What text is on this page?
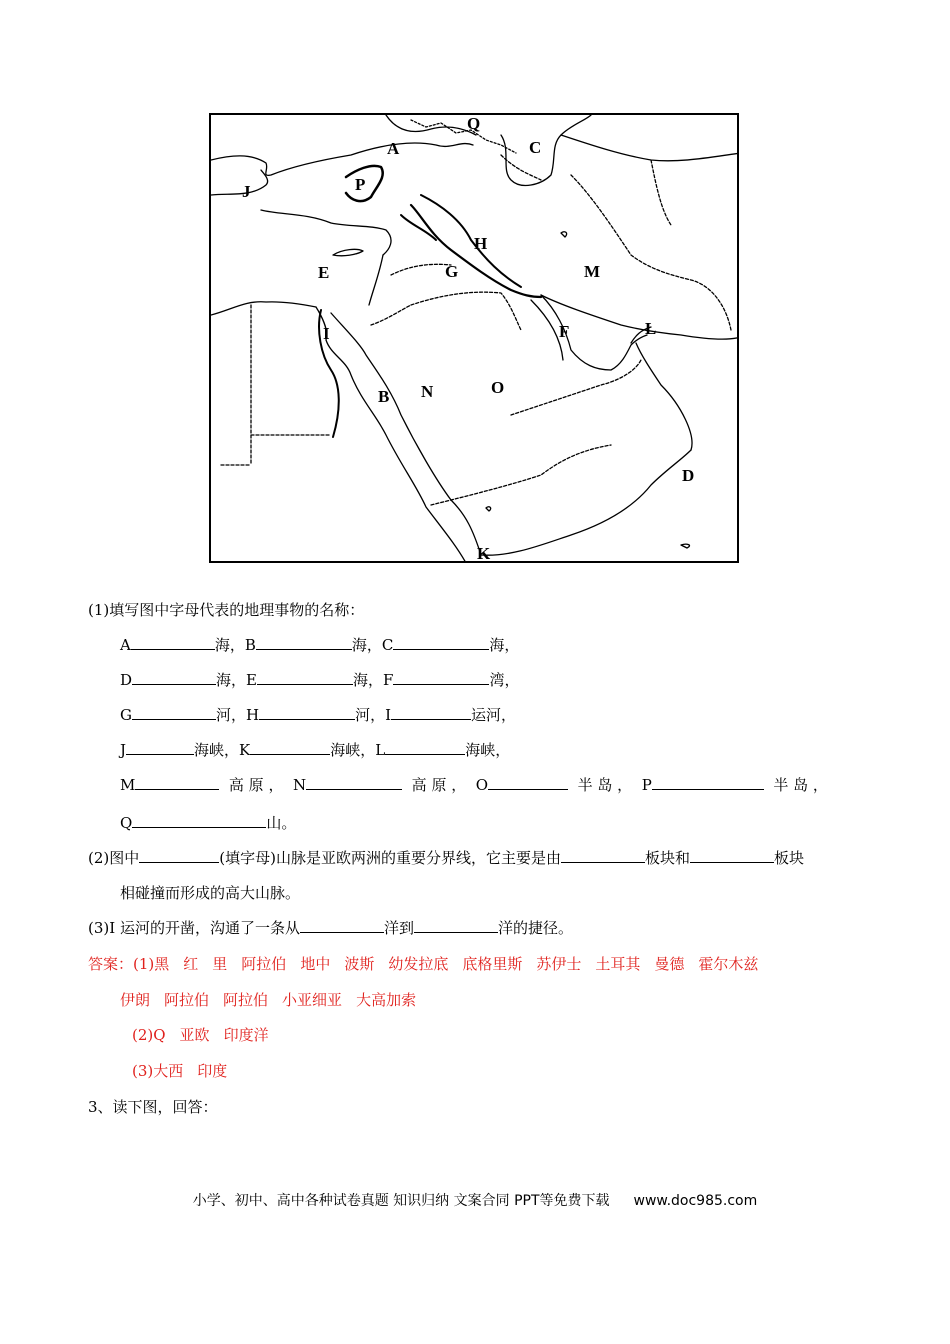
A
B
C
D
E
F
G
H
I
J
K
L
M
N	O
P
Q
(1)填写图中字母代表的地理事物的名称：
A	海，B	海，C	海，
D	海，E	海，F	湾，
G	河，H	河，I	运河，
J	海峡，K	海峡，L	海峡，
M	高 原 ， N	高 原 ， O	半 岛 ， P	半 岛 ，
Q	山。
(2)图中	(填字母)山脉是亚欧两洲的重要分界线，它主要是由	板块和	板块
相碰撞而形成的高大山脉。
(3)I 运河的开凿，沟通了一条从	洋到	洋的捷径。
答案：(1)黑 红 里 阿拉伯 地中 波斯 幼发拉底 底格里斯 苏伊士 土耳其 曼德 霍尔木兹
伊朗 阿拉伯 阿拉伯 小亚细亚 大高加索
(2)Q 亚欧 印度洋
(3)大西 印度
3、读下图，回答：
小学、初中、高中各种试卷真题 知识归纳 文案合同 PPT等免费下载 www.doc985.com
